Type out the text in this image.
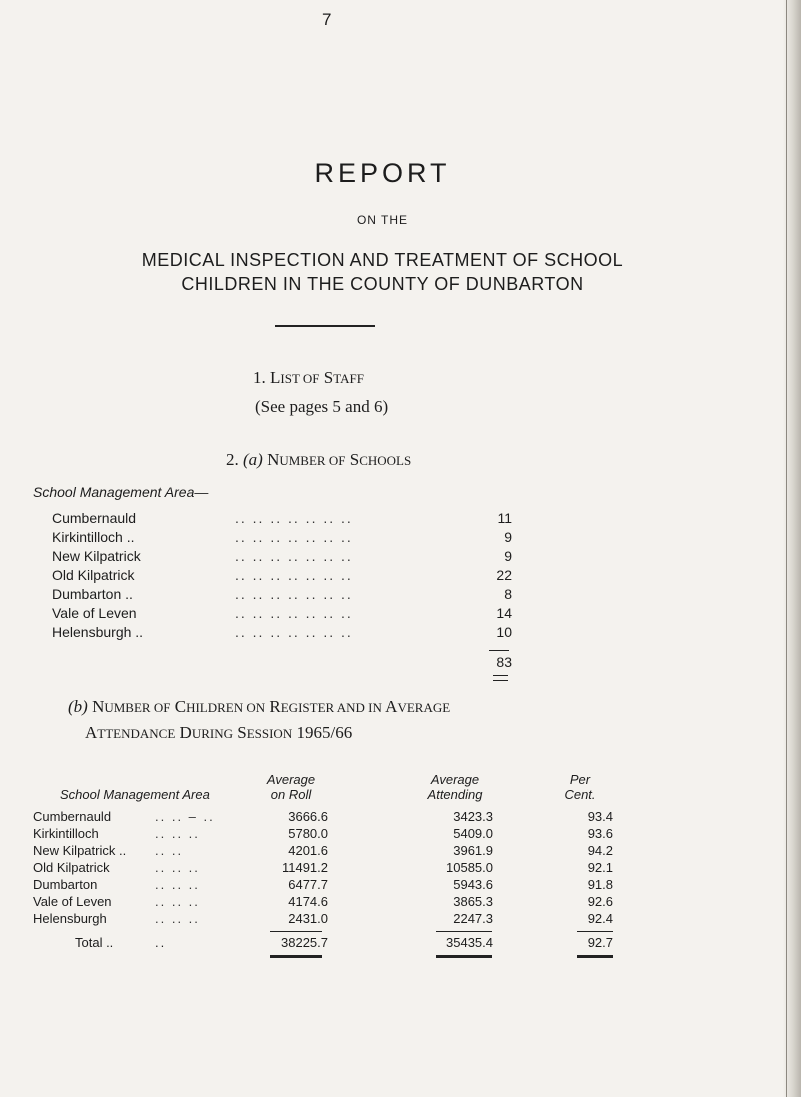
7
REPORT
ON THE
MEDICAL INSPECTION AND TREATMENT OF SCHOOL
CHILDREN IN THE COUNTY OF DUNBARTON
1. LIST OF STAFF
(See pages 5 and 6)
2. (a) NUMBER OF SCHOOLS
School Management Area—
Cumbernauld	.. .. .. .. .. .. ..	11
Kirkintilloch ..	.. .. .. .. .. .. ..	9
New Kilpatrick	.. .. .. .. .. .. ..	9
Old Kilpatrick	.. .. .. .. .. .. ..	22
Dumbarton ..	.. .. .. .. .. .. ..	8
Vale of Leven	.. .. .. .. .. .. ..	14
Helensburgh ..	.. .. .. .. .. .. ..	10
83
(b) NUMBER OF CHILDREN ON REGISTER AND IN AVERAGE
ATTENDANCE DURING SESSION 1965/66
School Management Area
Average
on Roll
Average
Attending
Per
Cent.
Cumbernauld	.. .. – ..	3666.6	3423.3	93.4
Kirkintilloch	.. .. ..	5780.0	5409.0	93.6
New Kilpatrick .. .. ..	4201.6	3961.9	94.2
Old Kilpatrick	.. .. ..	11491.2	10585.0	92.1
Dumbarton	.. .. ..	6477.7	5943.6	91.8
Vale of Leven	.. .. ..	4174.6	3865.3	92.6
Helensburgh	.. .. ..	2431.0	2247.3	92.4
Total ..	..	38225.7	35435.4	92.7
